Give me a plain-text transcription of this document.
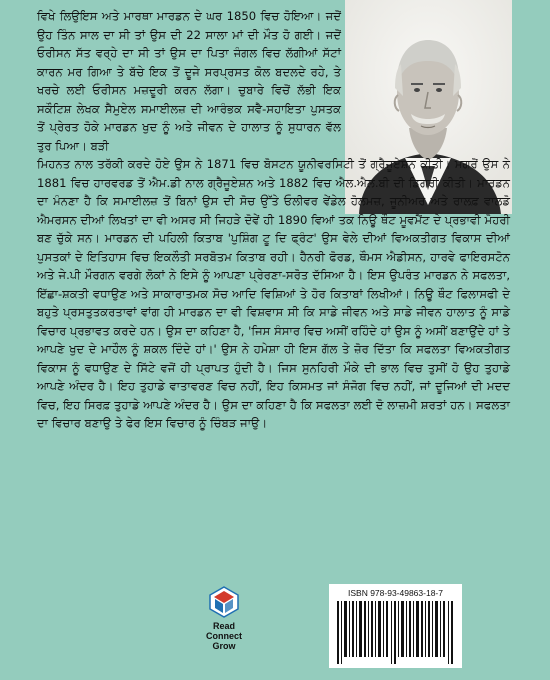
ਵਿਖੇ ਲਿਉਇਸ ਅਤੇ ਮਾਰਥਾ ਮਾਰਡਨ ਦੇ ਘਰ 1850 ਵਿਚ ਹੋਇਆ। ਜਦੋਂ ਉਹ ਤਿੰਨ ਸਾਲ ਦਾ ਸੀ ਤਾਂ ਉਸ ਦੀ 22 ਸਾਲਾ ਮਾਂ ਦੀ ਮੌਤ ਹੋ ਗਈ। ਜਦੋਂ ਓਰੀਸਨ ਸੱਤ ਵਰ੍ਹੇ ਦਾ ਸੀ ਤਾਂ ਉਸ ਦਾ ਪਿਤਾ ਜੰਗਲ ਵਿਚ ਲੱਗੀਆਂ ਸੱਟਾਂ ਕਾਰਨ ਮਰ ਗਿਆ ਤੇ ਬੱਚੇ ਇਕ ਤੋਂ ਦੂਜੇ ਸਰਪ੍ਰਸਤ ਕੋਲ ਬਦਲਦੇ ਰਹੇ, ਤੇ ਖਰਚੇ ਲਈ ਓਰੀਸਨ ਮਜ਼ਦੂਰੀ ਕਰਨ ਲੱਗਾ। ਚੁਬਾਰੇ ਵਿਚੋਂ ਲੱਭੀ ਇਕ ਸਕੌਟਿਸ਼ ਲੇਖਕ ਸੈਮੁਏਲ ਸਮਾਈਲਜ਼ ਦੀ ਆਰੰਭਕ ਸਵੈ-ਸਹਾਇਤਾ ਪੁਸਤਕ ਤੋਂ ਪ੍ਰੇਰਤ ਹੋਕੇ ਮਾਰਡਨ ਖੁਦ ਨੂੰ ਅਤੇ ਜੀਵਨ ਦੇ ਹਾਲਾਤ ਨੂੰ ਸੁਧਾਰਨ ਵੱਲ ਤੁਰ ਪਿਆ। ਬੜੀ

ਮਿਹਨਤ ਨਾਲ ਤਰੱਕੀ ਕਰਦੇ ਹੋਏ ਉਸ ਨੇ 1871 ਵਿਚ ਬੋਸਟਨ ਯੂਨੀਵਰਸਿਟੀ ਤੋਂ ਗ੍ਰੈਜੂਏਸ਼ਨ ਕੀਤੀ। ਮਗਰੋਂ ਉਸ ਨੇ 1881 ਵਿਚ ਹਾਰਵਰਡ ਤੋਂ ਐਮ.ਡੀ ਨਾਲ ਗ੍ਰੈਜੂਏਸ਼ਨ ਅਤੇ 1882 ਵਿਚ ਐਲ.ਐਲ.ਬੀ ਦੀ ਡਿਗਰੀ ਕੀਤੀ। ਮਾਰਡਨ ਦਾ ਮੰਨਣਾ ਹੈ ਕਿ ਸਮਾਈਲਜ਼ ਤੋਂ ਬਿਨਾਂ ਉਸ ਦੀ ਸੋਚ ਉੱਤੇ ਓਲੀਵਰ ਵੇਂਡੇਲ ਹੋਲਮਜ਼, ਜੂਨੀਅਰ ਅਤੇ ਰਾਲਫ਼ ਵਾਲਡੋ ਐਮਰਸਨ ਦੀਆਂ ਲਿਖਤਾਂ ਦਾ ਵੀ ਅਸਰ ਸੀ ਜਿਹੜੇ ਦੋਵੇਂ ਹੀ 1890 ਵਿਆਂ ਤਕ ਨਿਊ ਥੌਟ ਮੂਵਮੈਂਟ ਦੇ ਪ੍ਰਭਾਵੀ ਮੋਹਰੀ ਬਣ ਚੁੱਕੇ ਸਨ। ਮਾਰਡਨ ਦੀ ਪਹਿਲੀ ਕਿਤਾਬ 'ਪੁਸ਼ਿੰਗ ਟੂ ਦਿ ਫ੍ਰੰਟ' ਉਸ ਵੇਲੇ ਦੀਆਂ ਵਿਅਕਤੀਗਤ ਵਿਕਾਸ ਦੀਆਂ ਪੁਸਤਕਾਂ ਦੇ ਇਤਿਹਾਸ ਵਿਚ ਇਕਲੌਤੀ ਸਰਬੋਤਮ ਕਿਤਾਬ ਰਹੀ। ਹੈਨਰੀ ਫੋਰਡ, ਥੌਮਸ ਐਡੀਸਨ, ਹਾਰਵੇ ਫਾਇਰਸਟੋਨ ਅਤੇ ਜੇ.ਪੀ ਮੌਰਗਨ ਵਰਗੇ ਲੋਕਾਂ ਨੇ ਇਸੇ ਨੂੰ ਆਪਣਾ ਪ੍ਰੇਰਣਾ-ਸਰੋਤ ਦੱਸਿਆ ਹੈ। ਇਸ ਉਪਰੰਤ ਮਾਰਡਨ ਨੇ ਸਫਲਤਾ, ਇੱਛਾ-ਸ਼ਕਤੀ ਵਧਾਉਣ ਅਤੇ ਸਾਕਾਰਾਤਮਕ ਸੋਚ ਆਦਿ ਵਿਸ਼ਿਆਂ ਤੇ ਹੋਰ ਕਿਤਾਬਾਂ ਲਿਖੀਆਂ। ਨਿਊ ਥੌਟ ਫਿਲਾਸਫੀ ਦੇ ਬਹੁਤੇ ਪ੍ਰਸਤੁਤਕਰਤਾਵਾਂ ਵਾਂਗ ਹੀ ਮਾਰਡਨ ਦਾ ਵੀ ਵਿਸ਼ਵਾਸ ਸੀ ਕਿ ਸਾਡੇ ਜੀਵਨ ਅਤੇ ਸਾਡੇ ਜੀਵਨ ਹਾਲਾਤ ਨੂੰ ਸਾਡੇ ਵਿਚਾਰ ਪ੍ਰਭਾਵਤ ਕਰਦੇ ਹਨ। ਉਸ ਦਾ ਕਹਿਣਾ ਹੈ, 'ਜਿਸ ਸੰਸਾਰ ਵਿਚ ਅਸੀਂ ਰਹਿੰਦੇ ਹਾਂ ਉਸ ਨੂੰ ਅਸੀਂ ਬਣਾਉਂਦੇ ਹਾਂ ਤੇ ਆਪਣੇ ਖੁਦ ਦੇ ਮਾਹੌਲ ਨੂੰ ਸ਼ਕਲ ਦਿੰਦੇ ਹਾਂ।' ਉਸ ਨੇ ਹਮੇਸ਼ਾ ਹੀ ਇਸ ਗੱਲ ਤੇ ਜ਼ੋਰ ਦਿੱਤਾ ਕਿ ਸਫਲਤਾ ਵਿਅਕਤੀਗਤ ਵਿਕਾਸ ਨੂੰ ਵਧਾਉਣ ਦੇ ਸਿੱਟੇ ਵਜੋਂ ਹੀ ਪ੍ਰਾਪਤ ਹੁੰਦੀ ਹੈ। ਜਿਸ ਸੁਨਹਿਰੀ ਮੌਕੇ ਦੀ ਭਾਲ ਵਿਚ ਤੁਸੀਂ ਹੋ ਉਹ ਤੁਹਾਡੇ ਆਪਣੇ ਅੰਦਰ ਹੈ। ਇਹ ਤੁਹਾਡੇ ਵਾਤਾਵਰਣ ਵਿਚ ਨਹੀਂ, ਇਹ ਕਿਸਮਤ ਜਾਂ ਸੰਜੋਗ ਵਿਚ ਨਹੀਂ, ਜਾਂ ਦੂਜਿਆਂ ਦੀ ਮਦਦ ਵਿਚ, ਇਹ ਸਿਰਫ਼ ਤੁਹਾਡੇ ਆਪਣੇ ਅੰਦਰ ਹੈ। ਉਸ ਦਾ ਕਹਿਣਾ ਹੈ ਕਿ ਸਫਲਤਾ ਲਈ ਦੋ ਲਾਜ਼ਮੀ ਸ਼ਰਤਾਂ ਹਨ। ਸਫਲਤਾ ਦਾ ਵਿਚਾਰ ਬਣਾਉ ਤੇ ਫੇਰ ਇਸ ਵਿਚਾਰ ਨੂੰ ਚਿੰਬੜ ਜਾਉ।

Read
Connect
Grow
ISBN 978-93-49863-18-7
